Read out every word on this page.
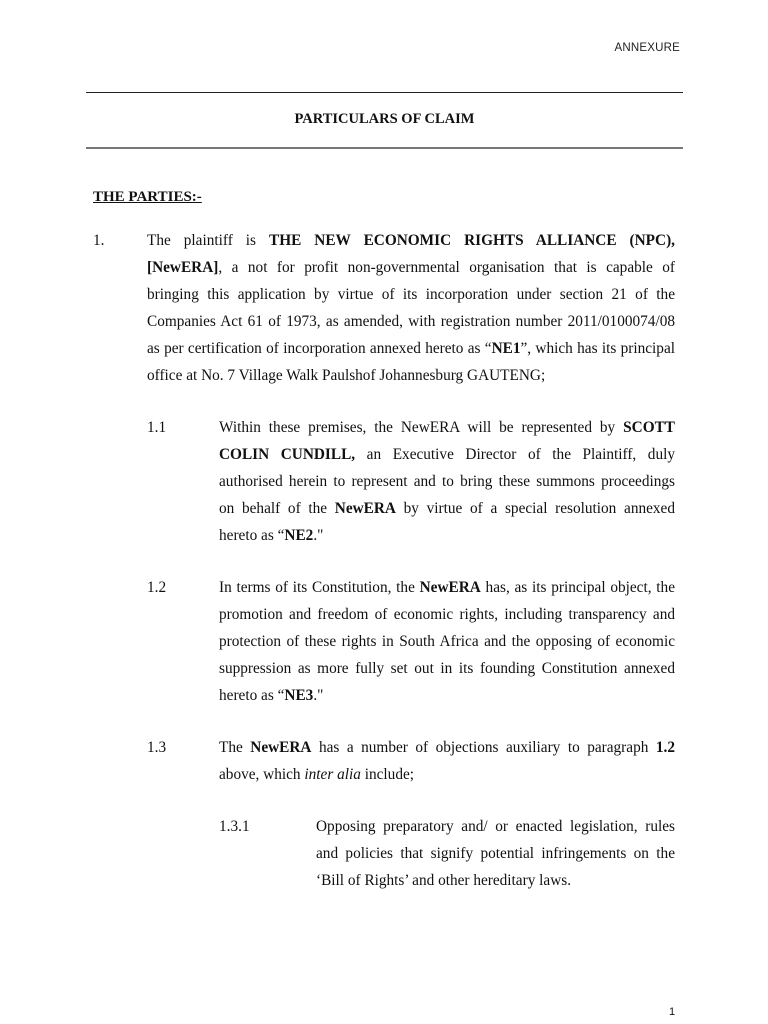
ANNEXURE
PARTICULARS OF CLAIM
THE PARTIES:-
1.	The plaintiff is THE NEW ECONOMIC RIGHTS ALLIANCE (NPC),
[NewERA], a not for profit non-governmental organisation that is capable of
bringing this application by virtue of its incorporation under section 21 of the
Companies Act 61 of 1973, as amended, with registration number 2011/0100074/08
as per certification of incorporation annexed hereto as “NE1”, which has its principal
office at No. 7 Village Walk Paulshof Johannesburg GAUTENG;
1.1	Within these premises, the NewERA will be represented by SCOTT
COLIN CUNDILL, an Executive Director of the Plaintiff, duly
authorised herein to represent and to bring these summons proceedings
on behalf of the NewERA by virtue of a special resolution annexed
hereto as “NE2."
1.2	In terms of its Constitution, the NewERA has, as its principal object, the
promotion and freedom of economic rights, including transparency and
protection of these rights in South Africa and the opposing of economic
suppression as more fully set out in its founding Constitution annexed
hereto as “NE3."
1.3	The NewERA has a number of objections auxiliary to paragraph 1.2
above, which inter alia include;
1.3.1	Opposing preparatory and/ or enacted legislation, rules
and policies that signify potential infringements on the
‘Bill of Rights’ and other hereditary laws.
1
